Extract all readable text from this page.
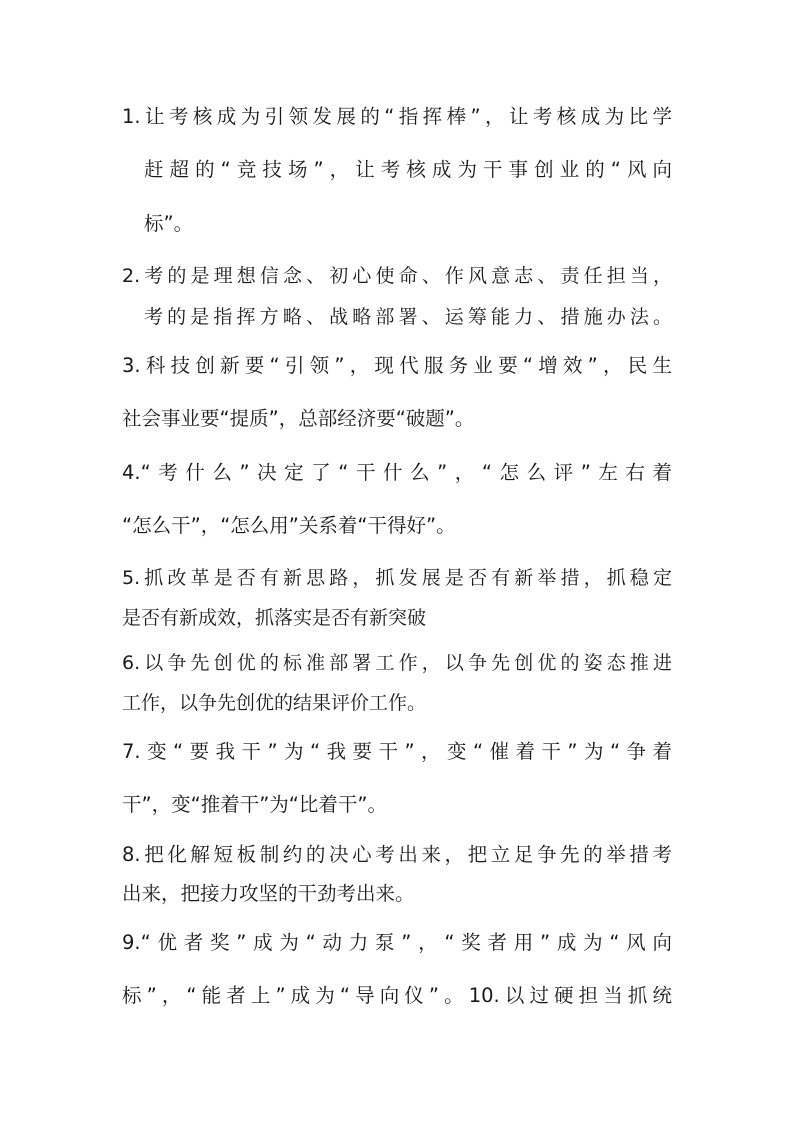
1.让考核成为引领发展的“指挥棒”，让考核成为比学
赶超的“竞技场”，让考核成为干事创业的“风向
标”。
2.考的是理想信念、初心使命、作风意志、责任担当，
考的是指挥方略、战略部署、运筹能力、措施办法。
3.科技创新要“引领”，现代服务业要“增效”，民生
社会事业要“提质”，总部经济要“破题”。
4.“考什么”决定了“干什么”，“怎么评”左右着
“怎么干”，“怎么用”关系着“干得好”。
5.抓改革是否有新思路，抓发展是否有新举措，抓稳定
是否有新成效，抓落实是否有新突破
6.以争先创优的标准部署工作，以争先创优的姿态推进
工作，以争先创优的结果评价工作。
7.变“要我干”为“我要干”，变“催着干”为“争着
干”，变“推着干”为“比着干”。
8.把化解短板制约的决心考出来，把立足争先的举措考
出来，把接力攻坚的干劲考出来。
9.“优者奖”成为“动力泵”，“奖者用”成为“风向
标”，“能者上”成为“导向仪”。10.以过硬担当抓统
